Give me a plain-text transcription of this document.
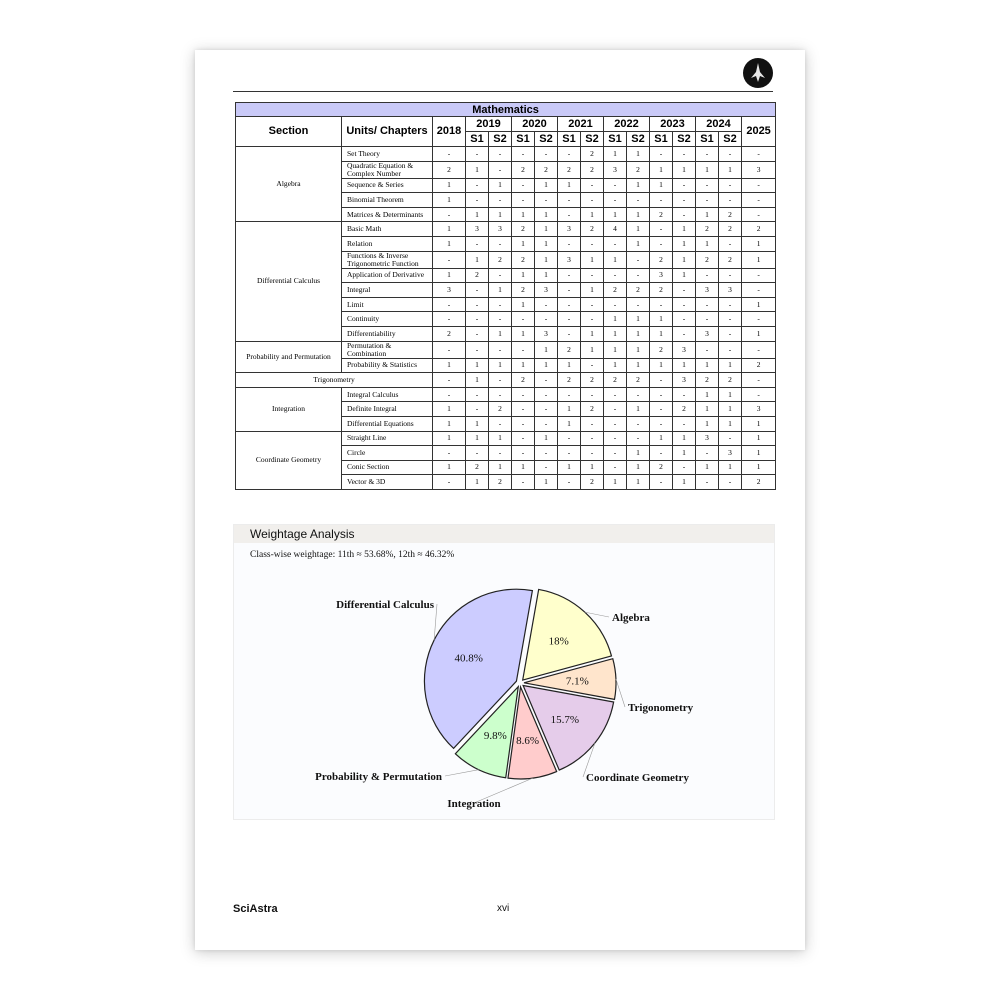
Mathematics															
Section	Units/ Chapters	2018	2019		2020		2021		2022		2023		2024		2025
			S1	S2	S1	S2	S1	S2	S1	S2	S1	S2	S1	S2	
Algebra	Set Theory	-	-	-	-	-	-	2	1	1	-	-	-	-	-
	Quadratic Equation & Complex Number	2	1	-	2	2	2	2	3	2	1	1	1	1	3
	Sequence & Series	1	-	1	-	1	1	-	-	1	1	-	-	-	-
	Binomial Theorem	1	-	-	-	-	-	-	-	-	-	-	-	-	-
	Matrices & Determinants	-	1	1	1	1	-	1	1	1	2	-	1	2	-
Differential Calculus	Basic Math	1	3	3	2	1	3	2	4	1	-	1	2	2	2
	Relation	1	-	-	1	1	-	-	-	1	-	1	1	-	1
	Functions & Inverse Trigonometric Function	-	1	2	2	1	3	1	1	-	2	1	2	2	1
	Application of Derivative	1	2	-	1	1	-	-	-	-	3	1	-	-	-
	Integral	3	-	1	2	3	-	1	2	2	2	-	3	3	-
	Limit	-	-	-	1	-	-	-	-	-	-	-	-	-	1
	Continuity	-	-	-	-	-	-	-	1	1	1	-	-	-	-
	Differentiability	2	-	1	1	3	-	1	1	1	1	-	3	-	1
Probability and Permutation	Permutation & Combination	-	-	-	-	1	2	1	1	1	2	3	-	-	-
	Probability & Statistics	1	1	1	1	1	1	-	1	1	1	1	1	1	2
Trigonometry		-	1	-	2	-	2	2	2	2	-	3	2	2	-
Integration	Integral Calculus	-	-	-	-	-	-	-	-	-	-	-	1	1	-
	Definite Integral	1	-	2	-	-	1	2	-	1	-	2	1	1	3
	Differential Equations	1	1	-	-	-	1	-	-	-	-	-	1	1	1
Coordinate Geometry	Straight Line	1	1	1	-	1	-	-	-	-	1	1	3	-	1
	Circle	-	-	-	-	-	-	-	-	1	-	1	-	3	1
	Conic Section	1	2	1	1	-	1	1	-	1	2	-	1	1	1
	Vector & 3D	-	1	2	-	1	-	2	1	1	-	1	-	-	2
Weightage Analysis
Class-wise weightage: 11th ≈ 53.68%, 12th ≈ 46.32%
18%
Algebra
7.1%
Trigonometry
15.7%
Coordinate Geometry
8.6%
Integration
9.8%
Probability & Permutation
40.8%
Differential Calculus
SciAstra	xvi
